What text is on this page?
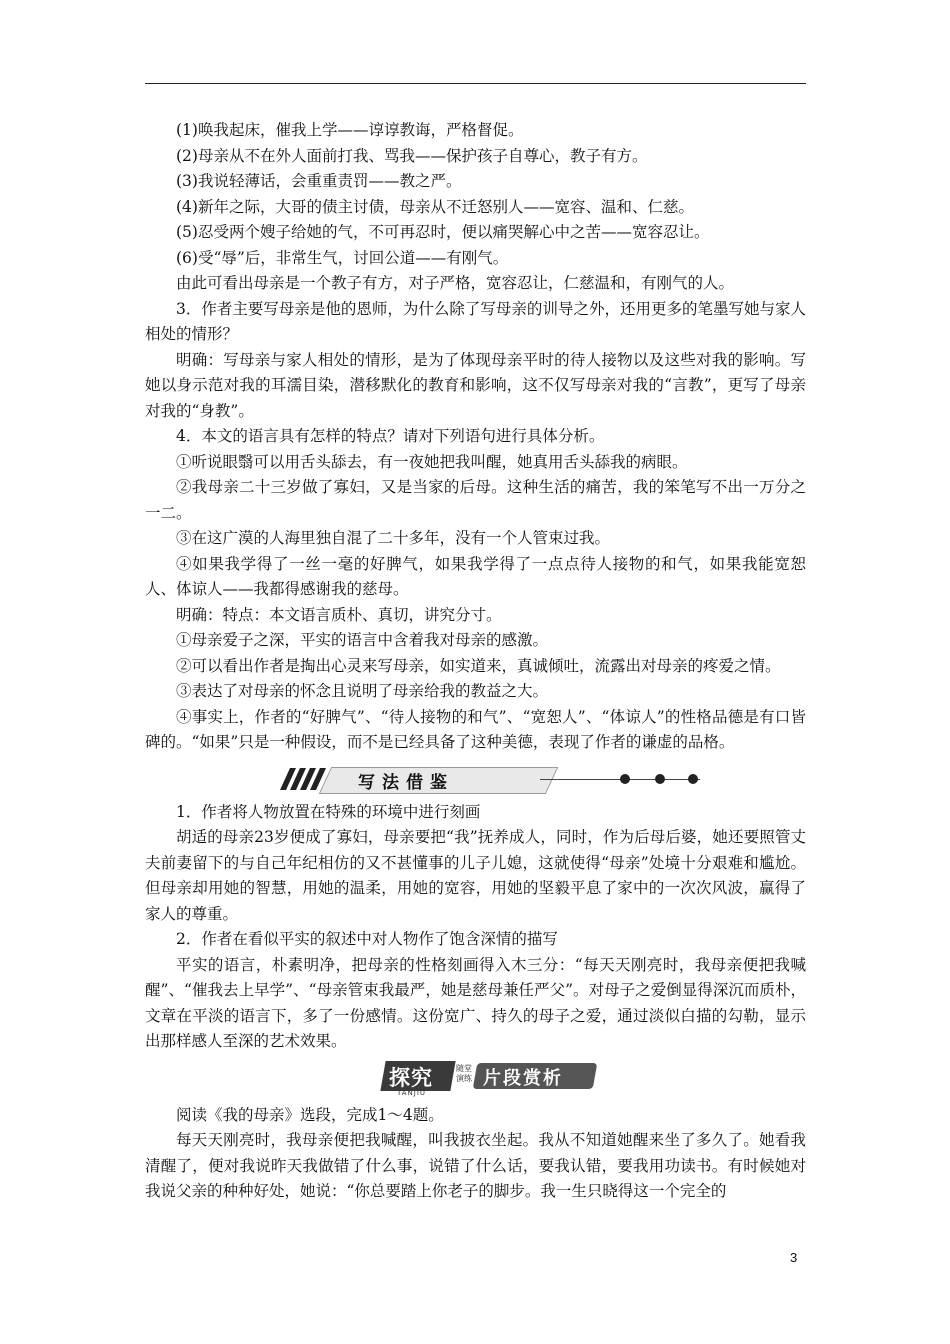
(1)唤我起床，催我上学——谆谆教诲，严格督促。

(2)母亲从不在外人面前打我、骂我——保护孩子自尊心，教子有方。

(3)我说轻薄话，会重重责罚——教之严。

(4)新年之际，大哥的债主讨债，母亲从不迁怒别人——宽容、温和、仁慈。

(5)忍受两个嫂子给她的气，不可再忍时，便以痛哭解心中之苦——宽容忍让。

(6)受“辱”后，非常生气，讨回公道——有刚气。

由此可看出母亲是一个教子有方，对子严格，宽容忍让，仁慈温和，有刚气的人。

3．作者主要写母亲是他的恩师，为什么除了写母亲的训导之外，还用更多的笔墨写她与家人相处的情形？

明确：写母亲与家人相处的情形，是为了体现母亲平时的待人接物以及这些对我的影响。写她以身示范对我的耳濡目染，潜移默化的教育和影响，这不仅写母亲对我的“言教”，更写了母亲对我的“身教”。

4．本文的语言具有怎样的特点？请对下列语句进行具体分析。

①听说眼翳可以用舌头舔去，有一夜她把我叫醒，她真用舌头舔我的病眼。

②我母亲二十三岁做了寡妇，又是当家的后母。这种生活的痛苦，我的笨笔写不出一万分之一二。

③在这广漠的人海里独自混了二十多年，没有一个人管束过我。

④如果我学得了一丝一毫的好脾气，如果我学得了一点点待人接物的和气，如果我能宽恕人、体谅人——我都得感谢我的慈母。

明确：特点：本文语言质朴、真切，讲究分寸。

①母亲爱子之深，平实的语言中含着我对母亲的感激。

②可以看出作者是掏出心灵来写母亲，如实道来，真诚倾吐，流露出对母亲的疼爱之情。

③表达了对母亲的怀念且说明了母亲给我的教益之大。

④事实上，作者的“好脾气”、“待人接物的和气”、“宽恕人”、“体谅人”的性格品德是有口皆碑的。“如果”只是一种假设，而不是已经具备了这种美德，表现了作者的谦虚的品格。

写法借鉴

1．作者将人物放置在特殊的环境中进行刻画

胡适的母亲23岁便成了寡妇，母亲要把“我”抚养成人，同时，作为后母后婆，她还要照管丈夫前妻留下的与自己年纪相仿的又不甚懂事的儿子儿媳，这就使得“母亲”处境十分艰难和尴尬。但母亲却用她的智慧，用她的温柔，用她的宽容，用她的坚毅平息了家中的一次次风波，赢得了家人的尊重。

2．作者在看似平实的叙述中对人物作了饱含深情的描写

平实的语言，朴素明净，把母亲的性格刻画得入木三分：“每天天刚亮时，我母亲便把我喊醒”、“催我去上早学”、“母亲管束我最严，她是慈母兼任严父”。对母子之爱倒显得深沉而质朴，文章在平淡的语言下，多了一份感情。这份宽广、持久的母子之爱，通过淡似白描的勾勒，显示出那样感人至深的艺术效果。

探究
TANJIU
随堂
演练 片段赏析

阅读《我的母亲》选段，完成1～4题。

每天天刚亮时，我母亲便把我喊醒，叫我披衣坐起。我从不知道她醒来坐了多久了。她看我清醒了，便对我说昨天我做错了什么事，说错了什么话，要我认错，要我用功读书。有时候她对我说父亲的种种好处，她说：“你总要踏上你老子的脚步。我一生只晓得这一个完全的

3
